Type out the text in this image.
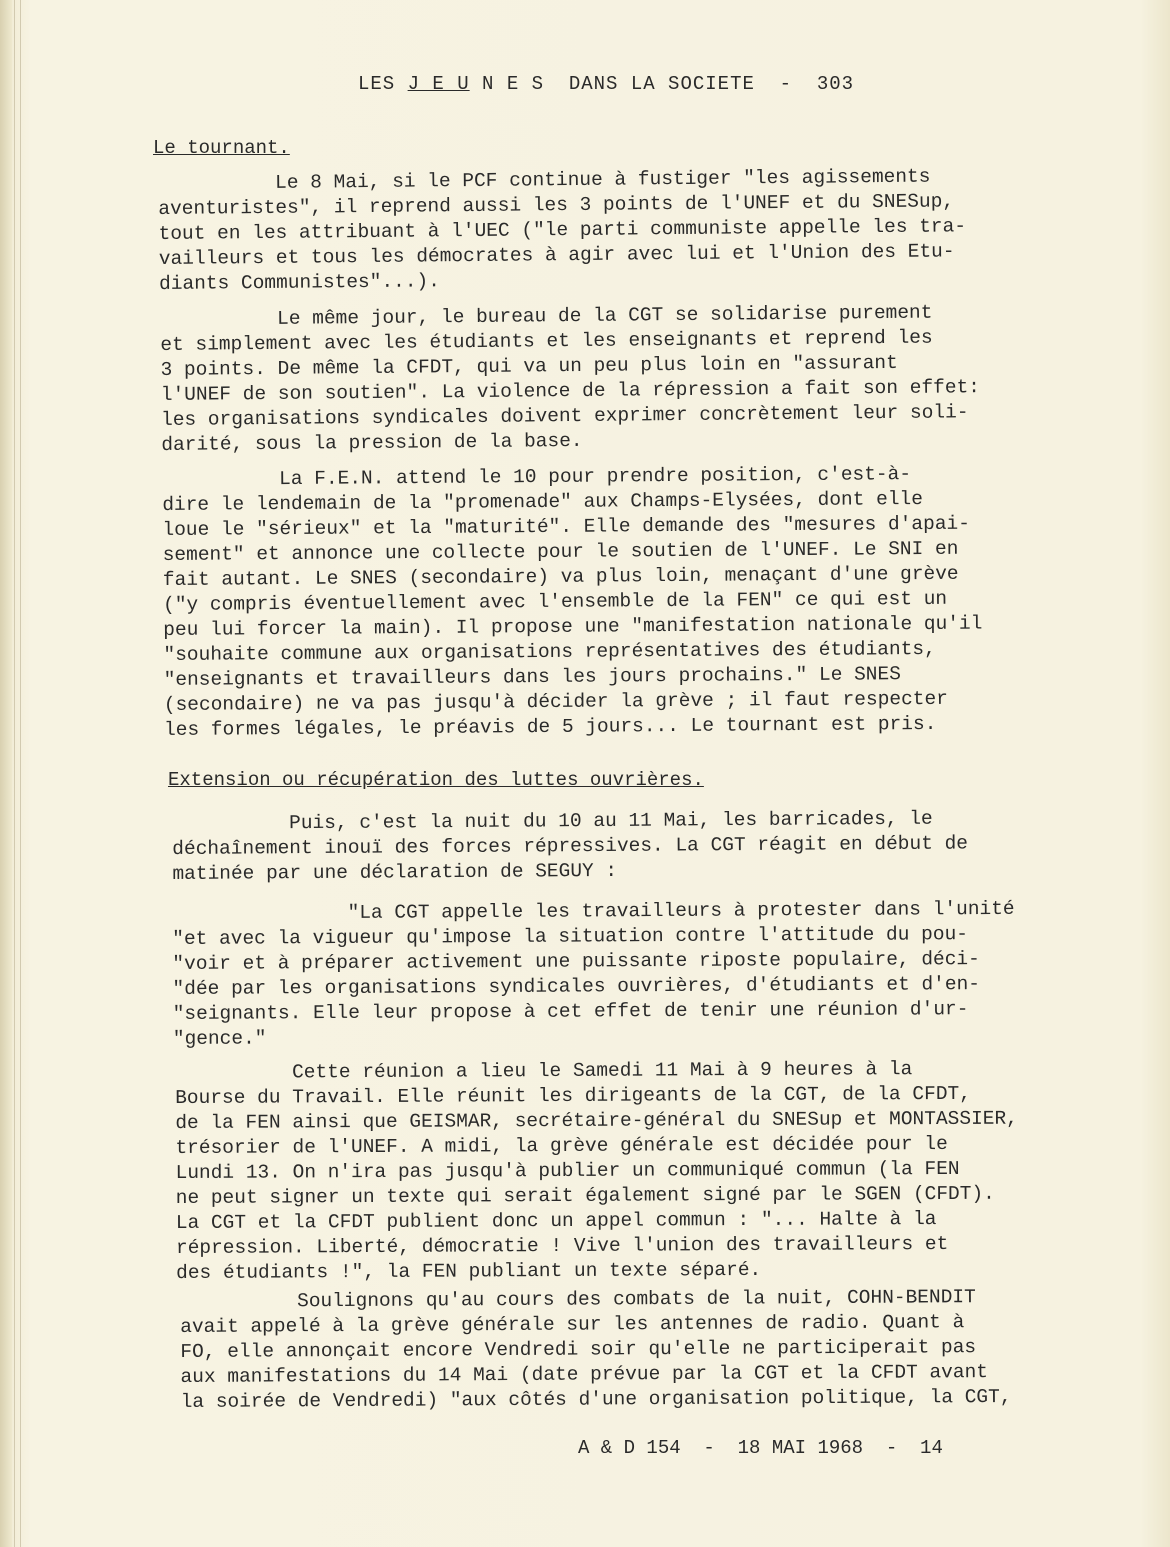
LES J E U N E S  DANS LA SOCIETE  -  303
Le tournant.
Le 8 Mai, si le PCF continue à fustiger "les agissements
aventuristes", il reprend aussi les 3 points de l'UNEF et du SNESup,
tout en les attribuant à l'UEC ("le parti communiste appelle les tra-
vailleurs et tous les démocrates à agir avec lui et l'Union des Etu-
diants Communistes"...).
Le même jour, le bureau de la CGT se solidarise purement
et simplement avec les étudiants et les enseignants et reprend les
3 points. De même la CFDT, qui va un peu plus loin en "assurant
l'UNEF de son soutien". La violence de la répression a fait son effet:
les organisations syndicales doivent exprimer concrètement leur soli-
darité, sous la pression de la base.
La F.E.N. attend le 10 pour prendre position, c'est-à-
dire le lendemain de la "promenade" aux Champs-Elysées, dont elle
loue le "sérieux" et la "maturité". Elle demande des "mesures d'apai-
sement" et annonce une collecte pour le soutien de l'UNEF. Le SNI en
fait autant. Le SNES (secondaire) va plus loin, menaçant d'une grève
("y compris éventuellement avec l'ensemble de la FEN" ce qui est un
peu lui forcer la main). Il propose une "manifestation nationale qu'il
"souhaite commune aux organisations représentatives des étudiants,
"enseignants et travailleurs dans les jours prochains." Le SNES
(secondaire) ne va pas jusqu'à décider la grève ; il faut respecter
les formes légales, le préavis de 5 jours... Le tournant est pris.
Extension ou récupération des luttes ouvrières.
Puis, c'est la nuit du 10 au 11 Mai, les barricades, le
déchaînement inouï des forces répressives. La CGT réagit en début de
matinée par une déclaration de SEGUY :
"La CGT appelle les travailleurs à protester dans l'unité
"et avec la vigueur qu'impose la situation contre l'attitude du pou-
"voir et à préparer activement une puissante riposte populaire, déci-
"dée par les organisations syndicales ouvrières, d'étudiants et d'en-
"seignants. Elle leur propose à cet effet de tenir une réunion d'ur-
"gence."
Cette réunion a lieu le Samedi 11 Mai à 9 heures à la
Bourse du Travail. Elle réunit les dirigeants de la CGT, de la CFDT,
de la FEN ainsi que GEISMAR, secrétaire-général du SNESup et MONTASSIER,
trésorier de l'UNEF. A midi, la grève générale est décidée pour le
Lundi 13. On n'ira pas jusqu'à publier un communiqué commun (la FEN
ne peut signer un texte qui serait également signé par le SGEN (CFDT).
La CGT et la CFDT publient donc un appel commun : "... Halte à la
répression. Liberté, démocratie ! Vive l'union des travailleurs et
des étudiants !", la FEN publiant un texte séparé.
Soulignons qu'au cours des combats de la nuit, COHN-BENDIT
avait appelé à la grève générale sur les antennes de radio. Quant à
FO, elle annonçait encore Vendredi soir qu'elle ne participerait pas
aux manifestations du 14 Mai (date prévue par la CGT et la CFDT avant
la soirée de Vendredi) "aux côtés d'une organisation politique, la CGT,
A & D 154  -  18 MAI 1968  -  14
